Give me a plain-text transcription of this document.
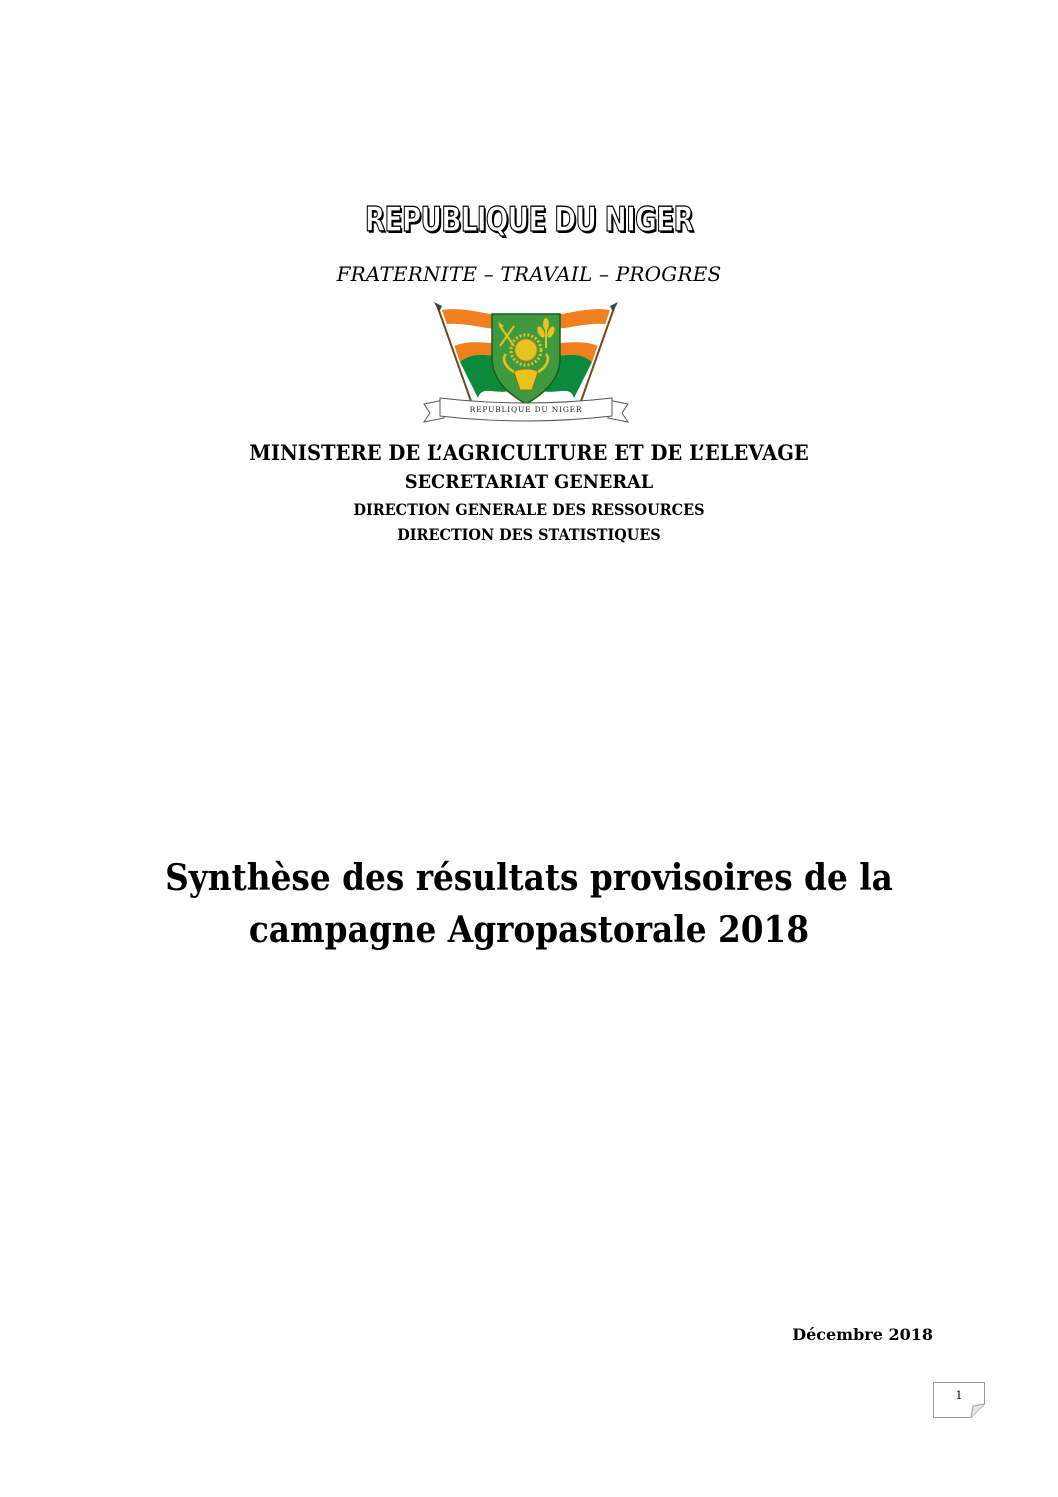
REPUBLIQUE DU NIGER
FRATERNITE – TRAVAIL – PROGRES
REPUBLIQUE DU NIGER
MINISTERE DE L’AGRICULTURE ET DE L’ELEVAGE
SECRETARIAT GENERAL
DIRECTION GENERALE DES RESSOURCES
DIRECTION DES STATISTIQUES
Synthèse des résultats provisoires de la
campagne Agropastorale 2018
Décembre 2018
1
